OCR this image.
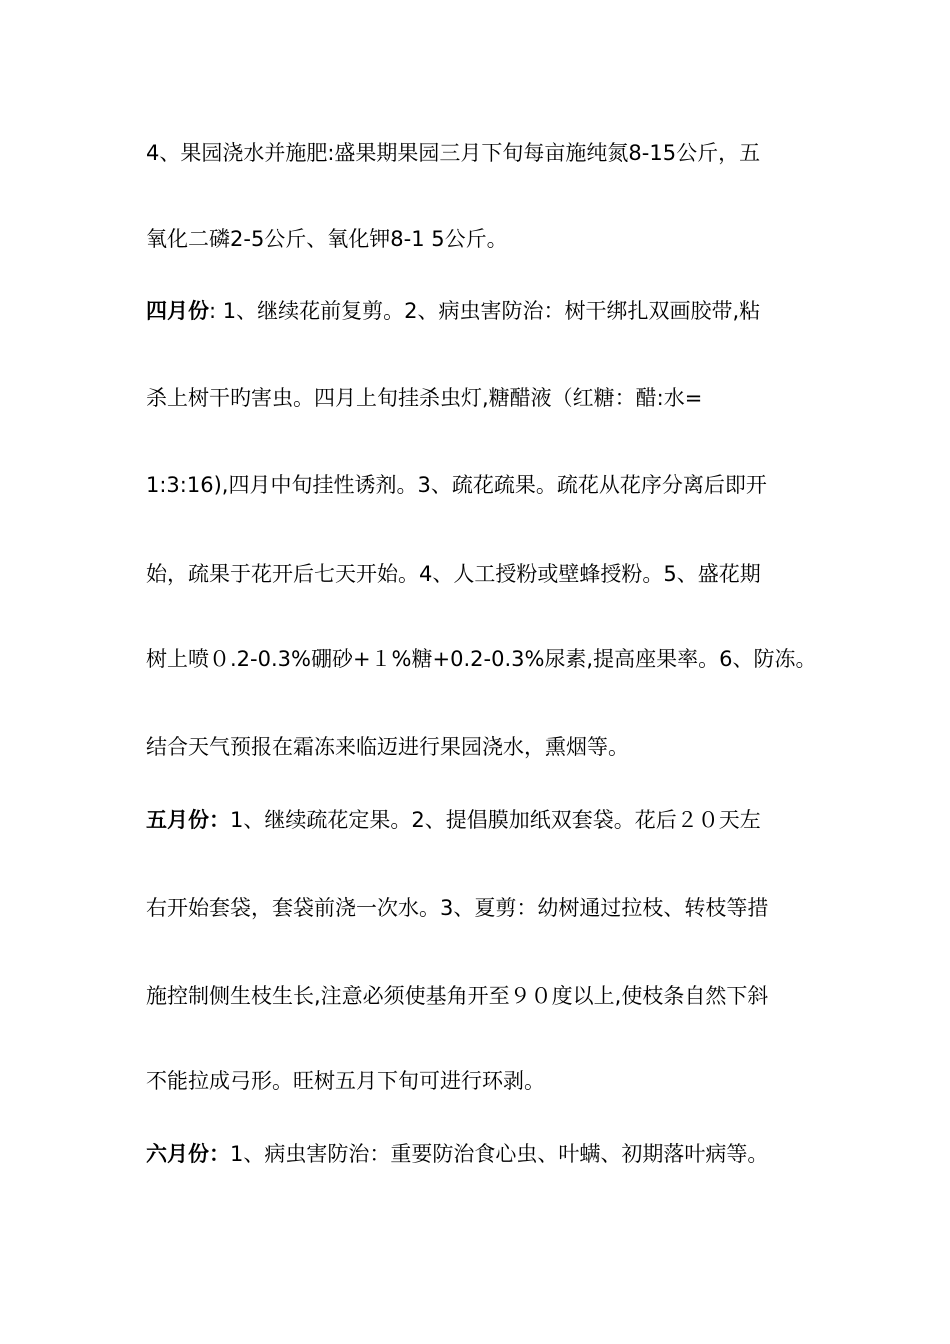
4、果园浇水并施肥:盛果期果园三月下旬每亩施纯氮8-15公斤，五
氧化二磷2-5公斤、氧化钾8-1 5公斤。
四月份: 1、继续花前复剪。2、病虫害防治：树干绑扎双画胶带,粘
杀上树干旳害虫。四月上旬挂杀虫灯,糖醋液（红糖：醋:水=
1:3:16),四月中旬挂性诱剂。3、疏花疏果。疏花从花序分离后即开
始，疏果于花开后七天开始。4、人工授粉或壁蜂授粉。5、盛花期
树上喷０.2-0.3%硼砂+１%糖+0.2-0.3%尿素,提高座果率。6、防冻。
结合天气预报在霜冻来临迈进行果园浇水，熏烟等。
五月份：1、继续疏花定果。2、提倡膜加纸双套袋。花后２０天左
右开始套袋，套袋前浇一次水。3、夏剪：幼树通过拉枝、转枝等措
施控制侧生枝生长,注意必须使基角开至９０度以上,使枝条自然下斜
不能拉成弓形。旺树五月下旬可进行环剥。
六月份：1、病虫害防治：重要防治食心虫、叶螨、初期落叶病等。
